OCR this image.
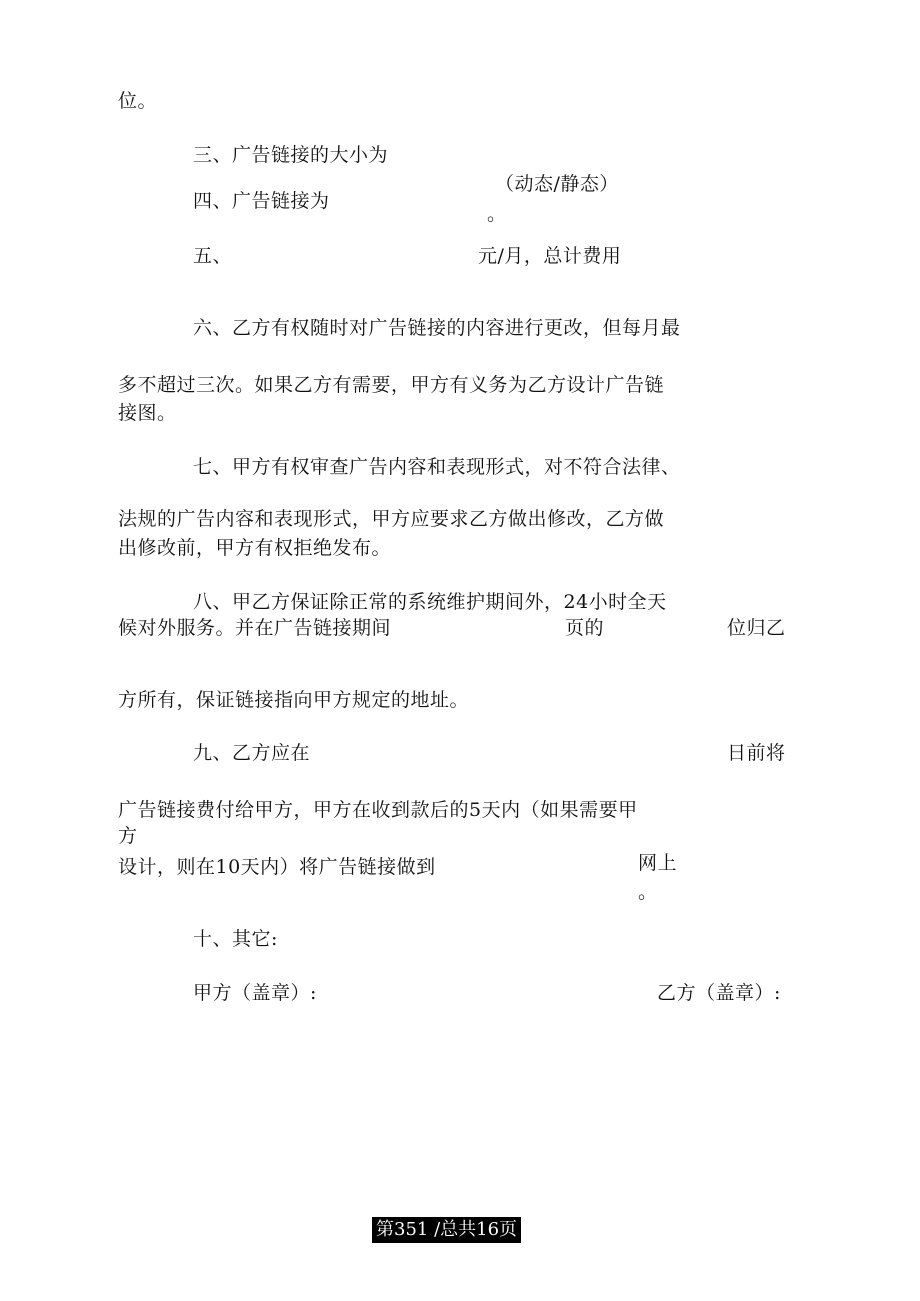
位。
三、广告链接的大小为
（动态/静态）
四、广告链接为
。
五、	元/月，总计费用
六、乙方有权随时对广告链接的内容进行更改，但每月最
多不超过三次。如果乙方有需要，甲方有义务为乙方设计广告链
接图。
七、甲方有权审查广告内容和表现形式，对不符合法律、
法规的广告内容和表现形式，甲方应要求乙方做出修改，乙方做
出修改前，甲方有权拒绝发布。
八、甲乙方保证除正常的系统维护期间外，24小时全天
候对外服务。并在广告链接期间	页的	位归乙
方所有，保证链接指向甲方规定的地址。
九、乙方应在	日前将
广告链接费付给甲方，甲方在收到款后的5天内（如果需要甲
方
设计，则在10天内）将广告链接做到	网上
。
十、其它:
甲方（盖章）:	乙方（盖章）:
第351 /总共16页
